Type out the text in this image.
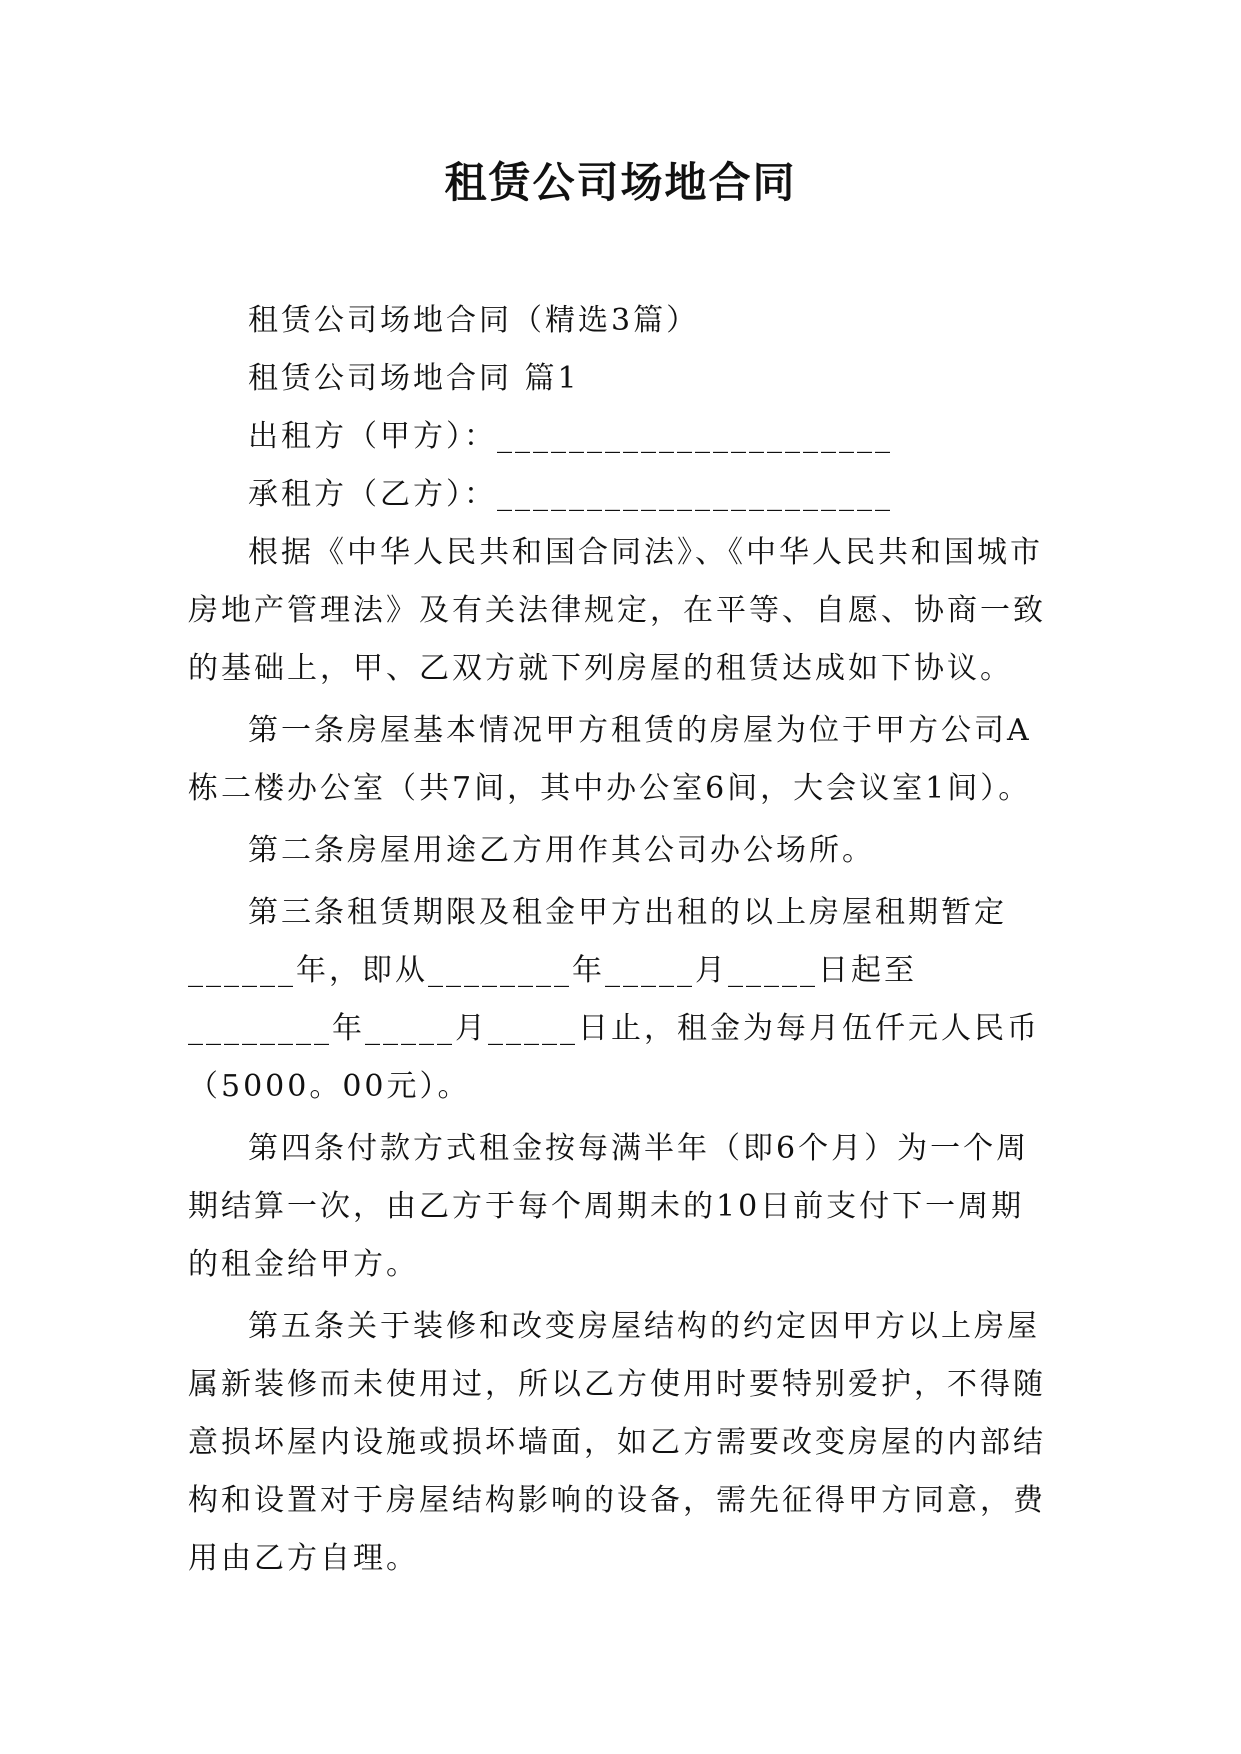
租赁公司场地合同

租赁公司场地合同（精选3篇）

租赁公司场地合同 篇1

出租方（甲方）：______________________

承租方（乙方）：______________________

根据《中华人民共和国合同法》、《中华人民共和国城市房地产管理法》及有关法律规定，在平等、自愿、协商一致的基础上，甲、乙双方就下列房屋的租赁达成如下协议。

第一条房屋基本情况甲方租赁的房屋为位于甲方公司A栋二楼办公室（共7间，其中办公室6间，大会议室1间）。

第二条房屋用途乙方用作其公司办公场所。

第三条租赁期限及租金甲方出租的以上房屋租期暂定______年，即从________年_____月_____日起至________年_____月_____日止，租金为每月伍仟元人民币（5000。00元）。

第四条付款方式租金按每满半年（即6个月）为一个周期结算一次，由乙方于每个周期未的10日前支付下一周期的租金给甲方。

第五条关于装修和改变房屋结构的约定因甲方以上房屋属新装修而未使用过，所以乙方使用时要特别爱护，不得随意损坏屋内设施或损坏墙面，如乙方需要改变房屋的内部结构和设置对于房屋结构影响的设备，需先征得甲方同意，费用由乙方自理。
